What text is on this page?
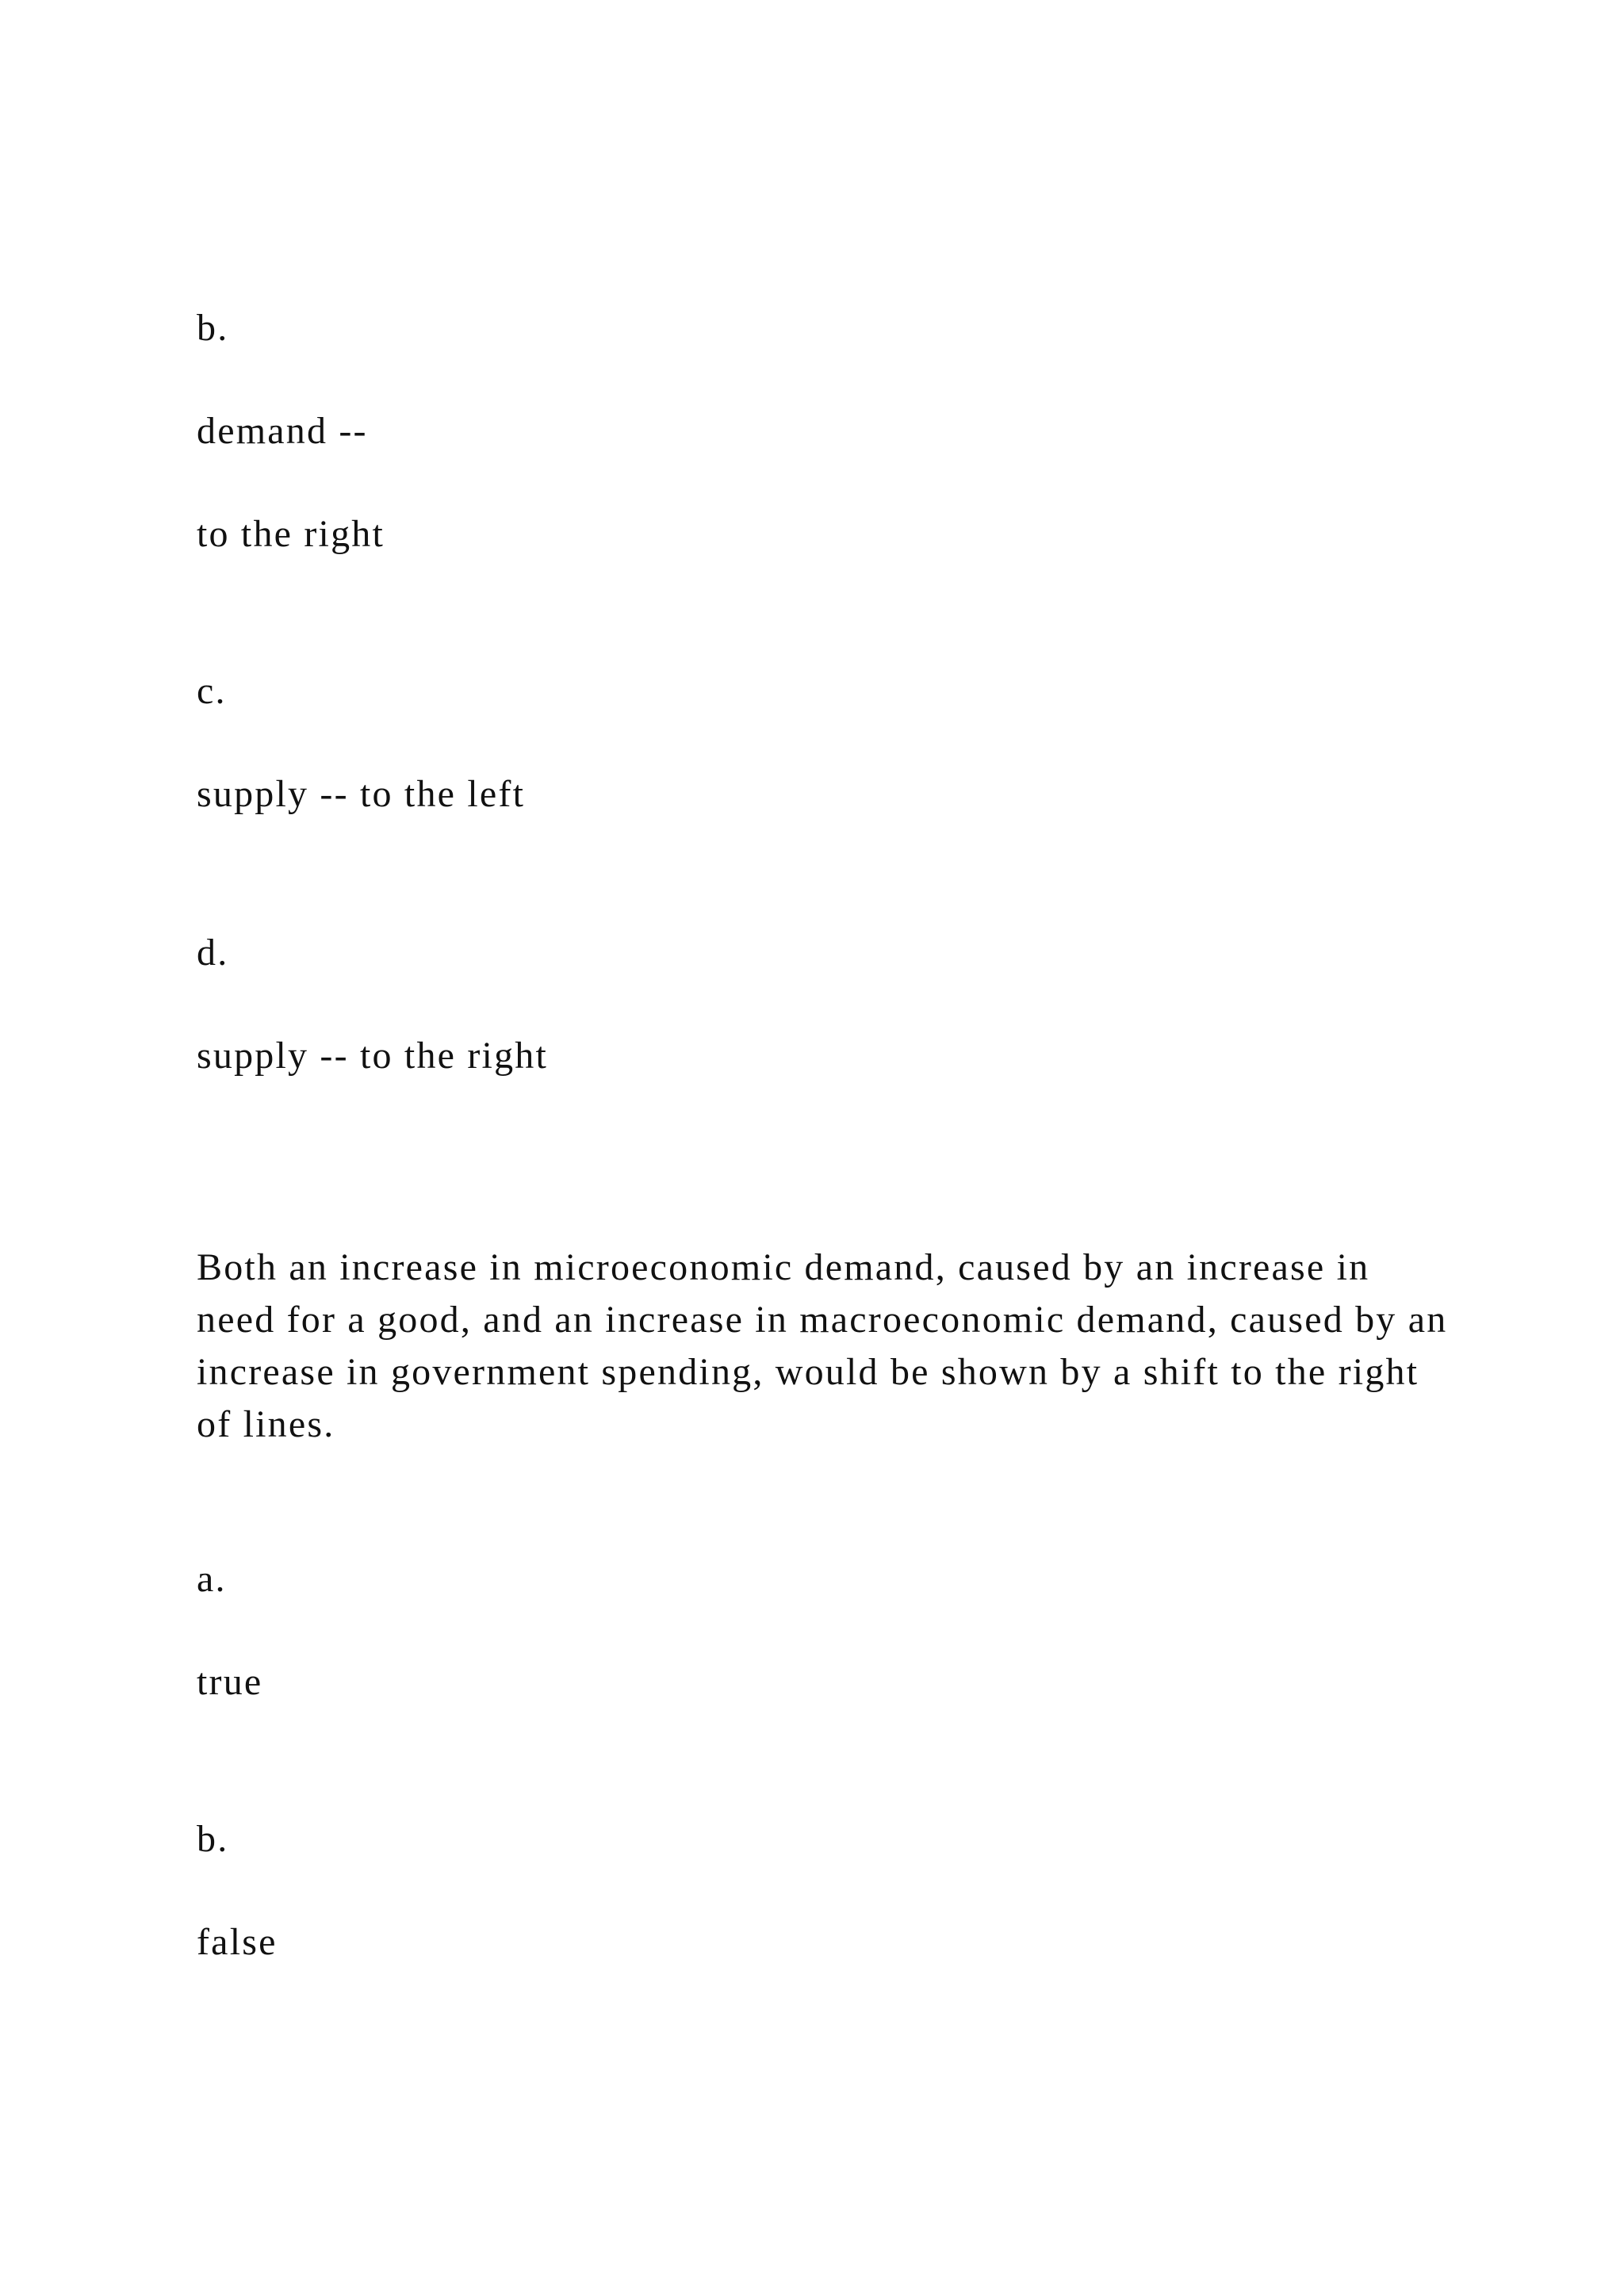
b.
demand --
to the right
c.
supply -- to the left
d.
supply -- to the right
Both an increase in microeconomic demand, caused by an increase in need for a good, and an increase in macroeconomic demand, caused by an increase in government spending, would be shown by a shift to the right of lines.
a.
true
b.
false
